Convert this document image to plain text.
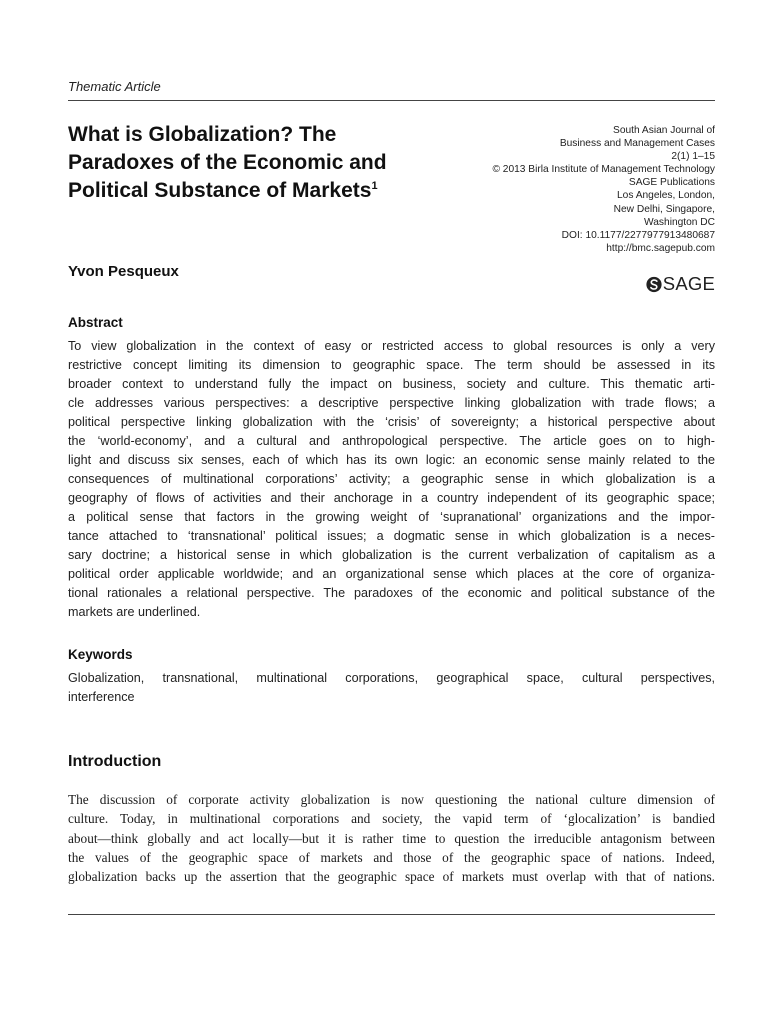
Thematic Article
What is Globalization? The
Paradoxes of the Economic and
Political Substance of Markets$^1$
South Asian Journal of
Business and Management Cases
2(1) 1–15
© 2013 Birla Institute of Management Technology
SAGE Publications
Los Angeles, London,
New Delhi, Singapore,
Washington DC
DOI: 10.1177/2277977913480687
http://bmc.sagepub.com
SAGE
Yvon Pesqueux
Abstract
To view globalization in the context of easy or restricted access to global resources is only a very
restrictive concept limiting its dimension to geographic space. The term should be assessed in its
broader context to understand fully the impact on business, society and culture. This thematic arti-
cle addresses various perspectives: a descriptive perspective linking globalization with trade flows; a
political perspective linking globalization with the ‘crisis’ of sovereignty; a historical perspective about
the ‘world-economy’, and a cultural and anthropological perspective. The article goes on to high-
light and discuss six senses, each of which has its own logic: an economic sense mainly related to the
consequences of multinational corporations’ activity; a geographic sense in which globalization is a
geography of flows of activities and their anchorage in a country independent of its geographic space;
a political sense that factors in the growing weight of ‘supranational’ organizations and the impor-
tance attached to ‘transnational’ political issues; a dogmatic sense in which globalization is a neces-
sary doctrine; a historical sense in which globalization is the current verbalization of capitalism as a
political order applicable worldwide; and an organizational sense which places at the core of organiza-
tional rationales a relational perspective. The paradoxes of the economic and political substance of the
markets are underlined.
Keywords
Globalization, transnational, multinational corporations, geographical space, cultural perspectives,
interference
Introduction
The discussion of corporate activity globalization is now questioning the national culture dimension of
culture. Today, in multinational corporations and society, the vapid term of ‘glocalization’ is bandied
about—think globally and act locally—but it is rather time to question the irreducible antagonism between
the values of the geographic space of markets and those of the geographic space of nations. Indeed,
globalization backs up the assertion that the geographic space of markets must overlap with that of nations.
